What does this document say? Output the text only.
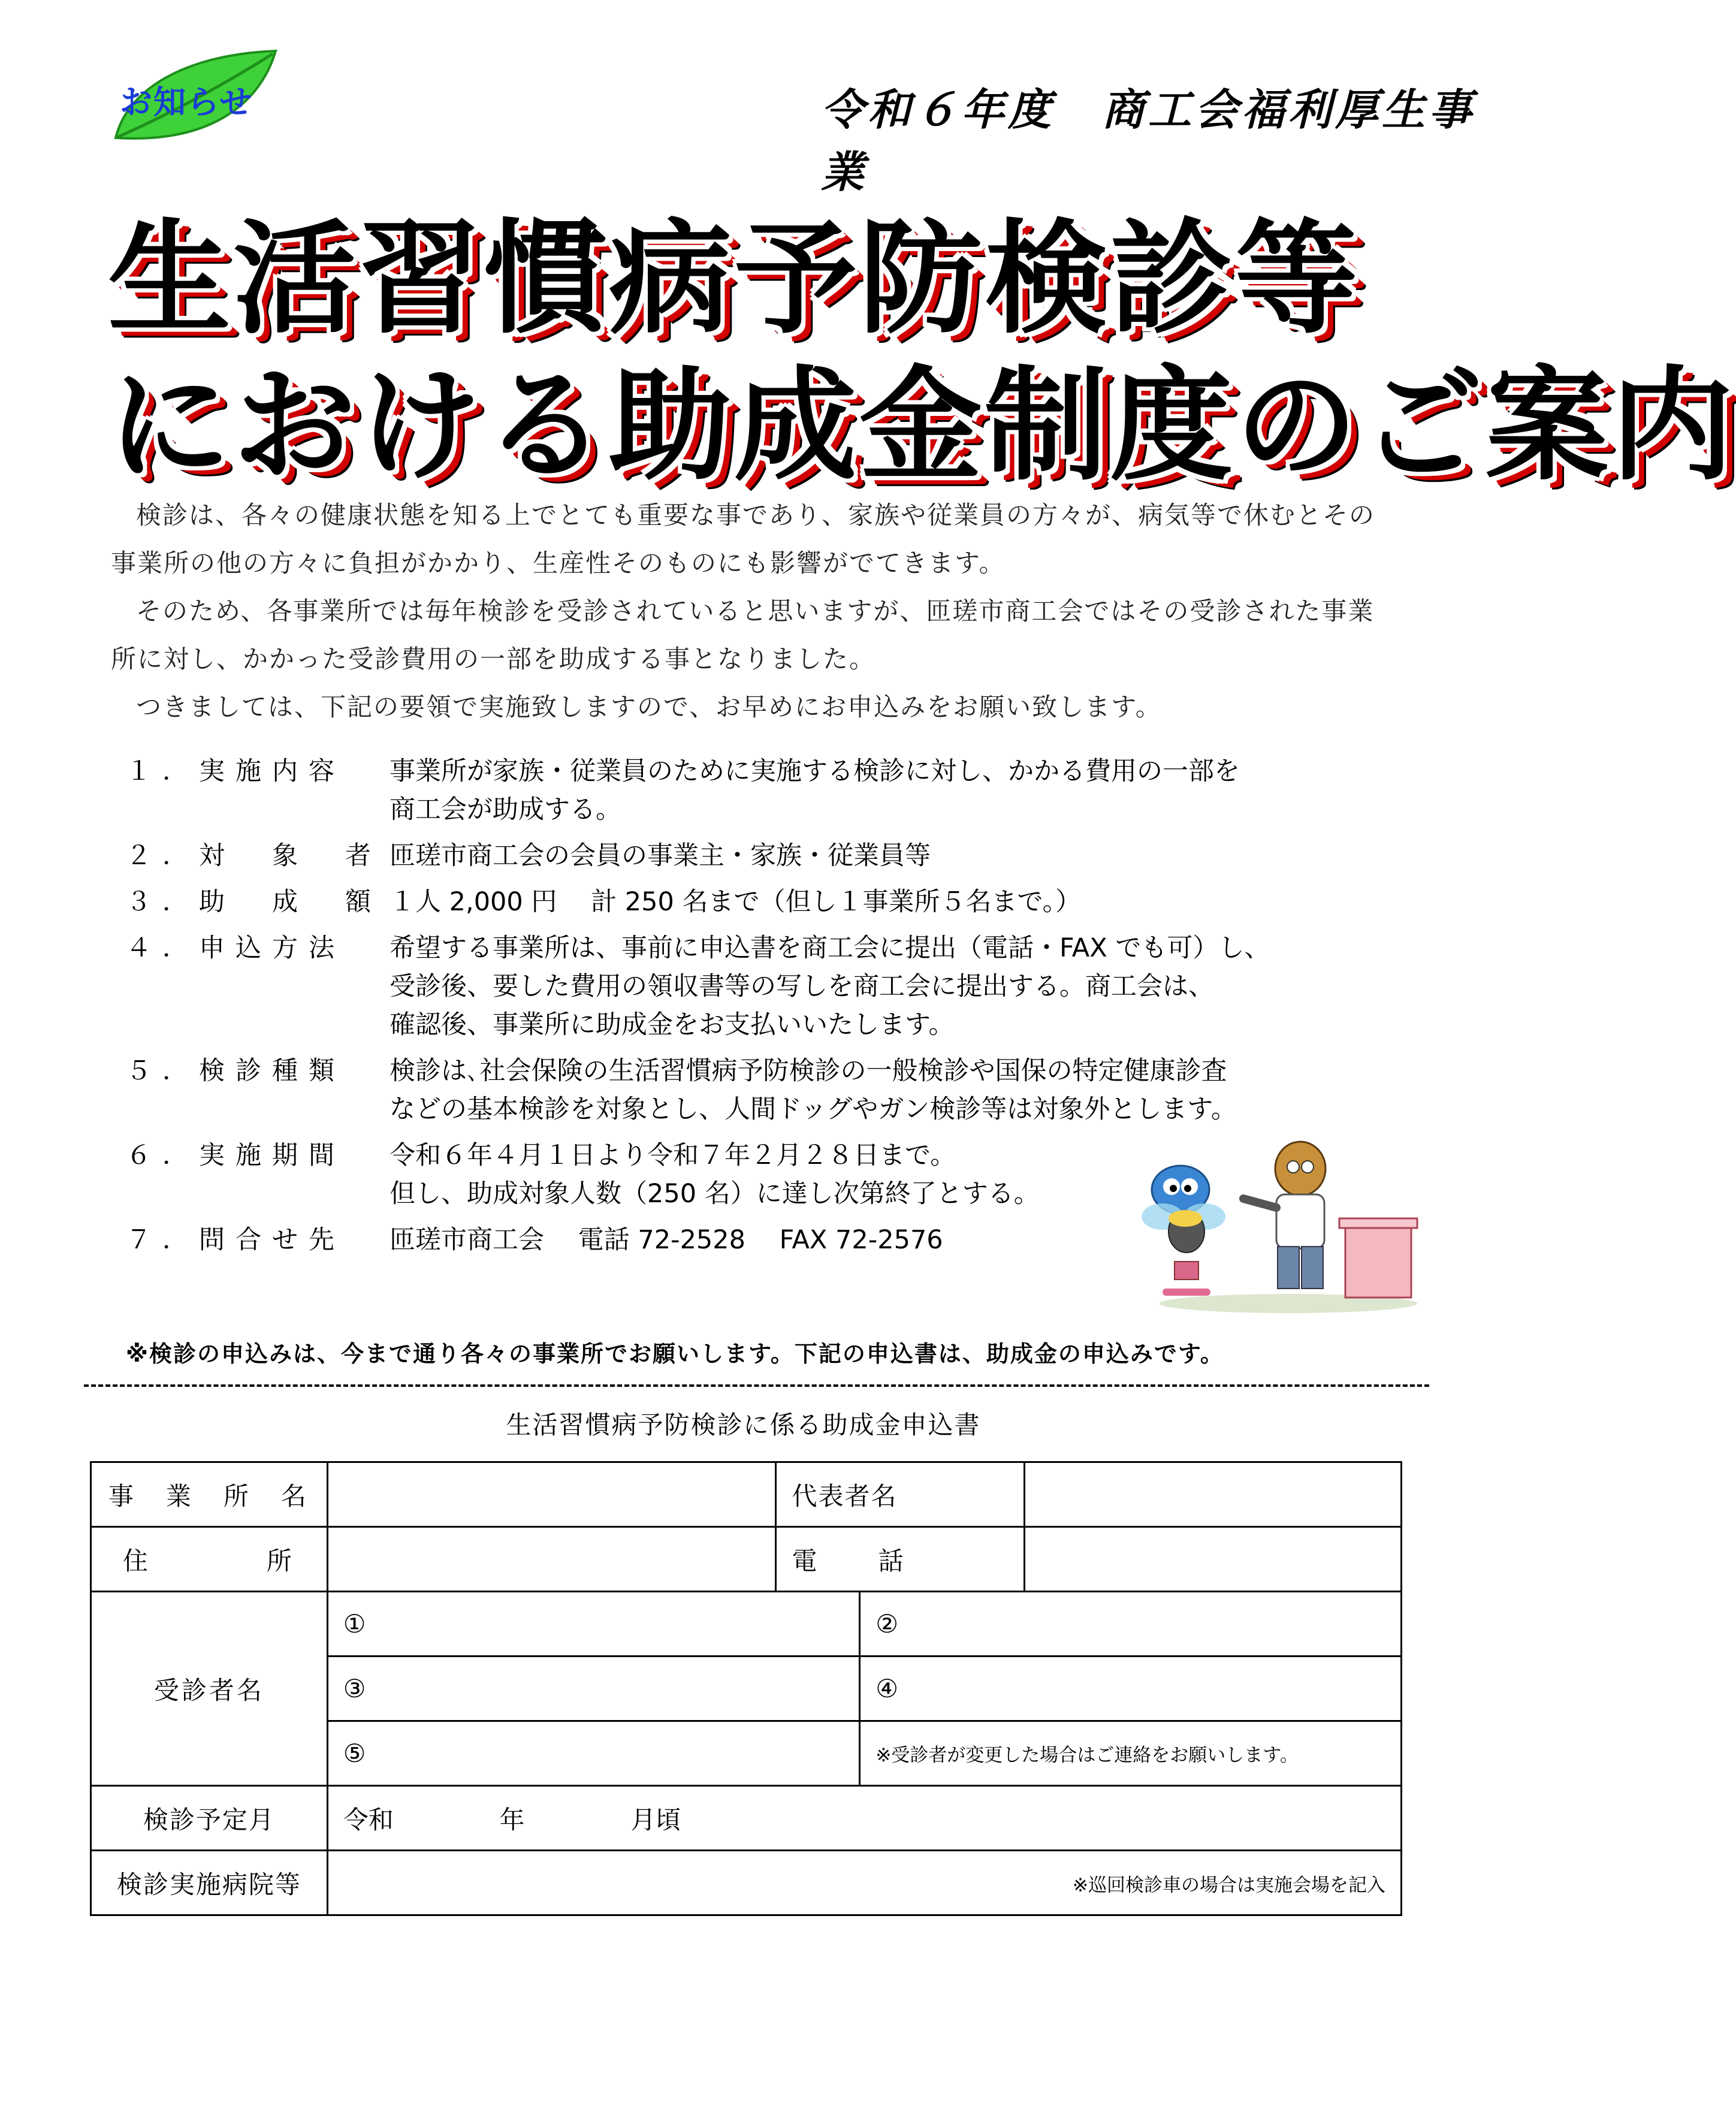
お知らせ	令和６年度　商工会福利厚生事業
生活習慣病予防検診等
における助成金制度のご案内

検診は、各々の健康状態を知る上でとても重要な事であり、家族や従業員の方々が、病気等で休むとその事業所の他の方々に負担がかかり、生産性そのものにも影響がでてきます。

そのため、各事業所では毎年検診を受診されていると思いますが、匝瑳市商工会ではその受診された事業所に対し、かかった受診費用の一部を助成する事となりました。

つきましては、下記の要領で実施致しますので、お早めにお申込みをお願い致します。

１．実施内容	事業所が家族・従業員のために実施する検診に対し、かかる費用の一部を
商工会が助成する。
２．対　象　者 匝瑳市商工会の会員の事業主・家族・従業員等
３．助　成　額 １人 2,000 円　 計 250 名まで（但し１事業所５名まで。）
４．申込方法	希望する事業所は、事前に申込書を商工会に提出（電話・FAX でも可）し、
受診後、要した費用の領収書等の写しを商工会に提出する。商工会は、
確認後、事業所に助成金をお支払いいたします。
５．検診種類	検診は､社会保険の生活習慣病予防検診の一般検診や国保の特定健康診査
などの基本検診を対象とし、人間ドッグやガン検診等は対象外とします。
６．実施期間	令和６年４月１日より令和７年２月２８日まで。
但し、助成対象人数（250 名）に達し次第終了とする。
７．問合せ先	匝瑳市商工会　 電話 72-2528　 FAX 72-2576
※検診の申込みは、今まで通り各々の事業所でお願いします。下記の申込書は、助成金の申込みです。
生活習慣病予防検診に係る助成金申込書
事　業　所　名		代表者名		
住　　　　所		電　　話		
受診者名	①		②	
	③		④	
	⑤		※受診者が変更した場合はご連絡をお願いします。	
検診予定月	令和 年 月頃			
検診実施病院等	※巡回検診車の場合は実施会場を記入			
